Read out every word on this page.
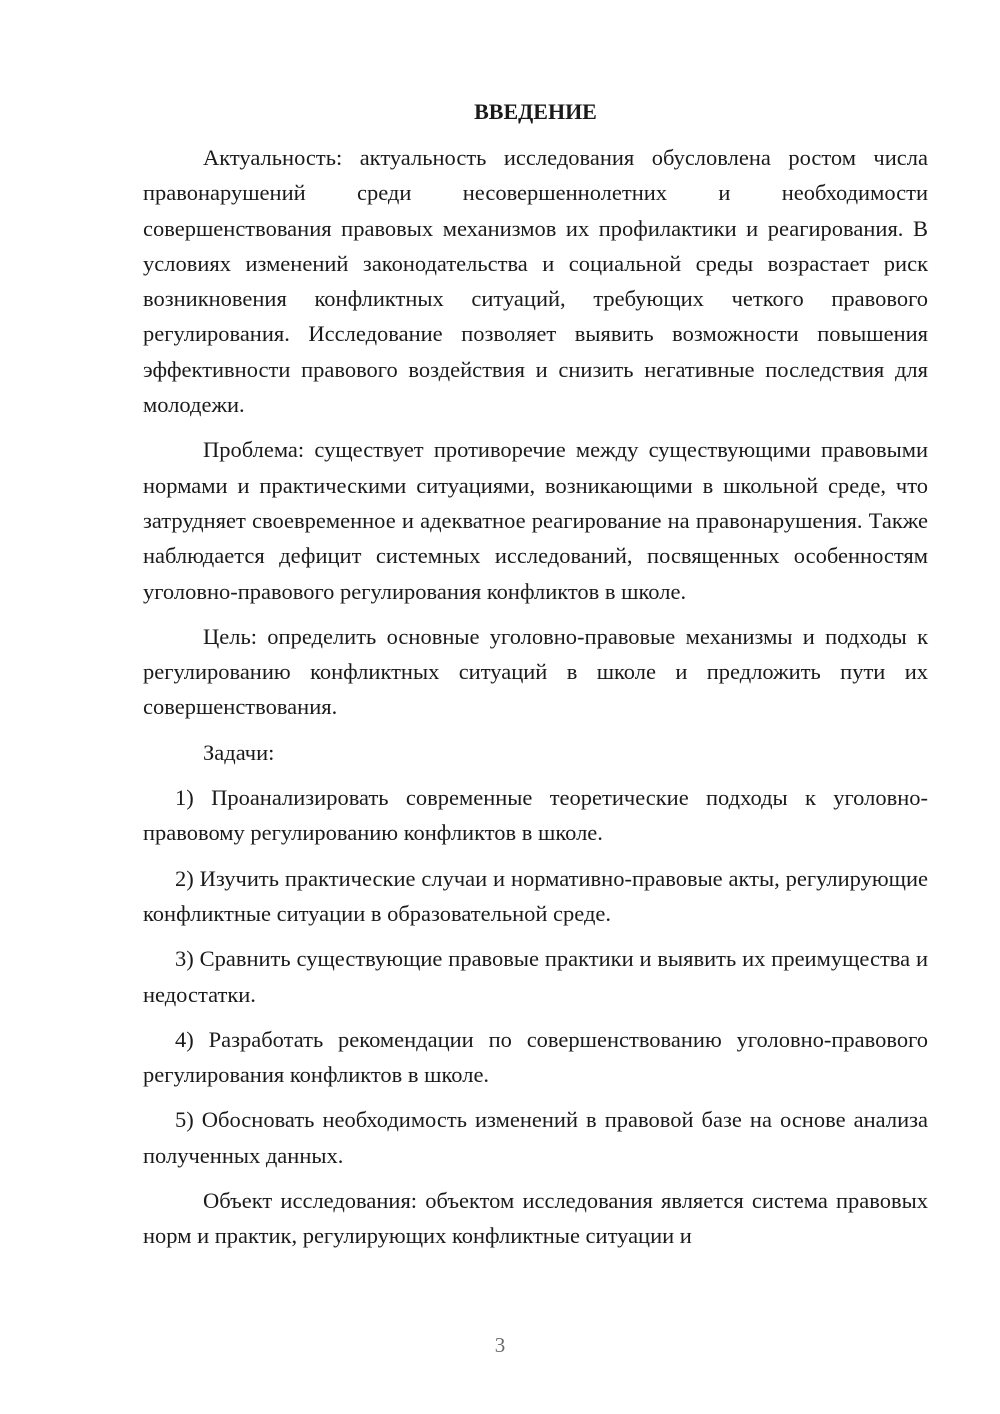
ВВЕДЕНИЕ

Актуальность: актуальность исследования обусловлена ростом числа правонарушений среди несовершеннолетних и необходимости совершенствования правовых механизмов их профилактики и реагирования. В условиях изменений законодательства и социальной среды возрастает риск возникновения конфликтных ситуаций, требующих четкого правового регулирования. Исследование позволяет выявить возможности повышения эффективности правового воздействия и снизить негативные последствия для молодежи.

Проблема: существует противоречие между существующими правовыми нормами и практическими ситуациями, возникающими в школьной среде, что затрудняет своевременное и адекватное реагирование на правонарушения. Также наблюдается дефицит системных исследований, посвященных особенностям уголовно-правового регулирования конфликтов в школе.

Цель: определить основные уголовно-правовые механизмы и подходы к регулированию конфликтных ситуаций в школе и предложить пути их совершенствования.

Задачи:

1) Проанализировать современные теоретические подходы к уголовно-правовому регулированию конфликтов в школе.

2) Изучить практические случаи и нормативно-правовые акты, регулирующие конфликтные ситуации в образовательной среде.

3) Сравнить существующие правовые практики и выявить их преимущества и недостатки.

4) Разработать рекомендации по совершенствованию уголовно-правового регулирования конфликтов в школе.

5) Обосновать необходимость изменений в правовой базе на основе анализа полученных данных.

Объект исследования: объектом исследования является система правовых норм и практик, регулирующих конфликтные ситуации и

3
